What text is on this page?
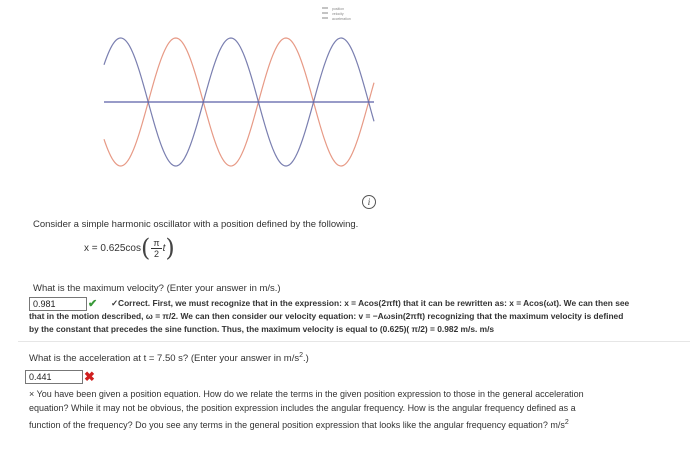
position
velocity
acceleration
i
Consider a simple harmonic oscillator with a position defined by the following.
x = 0.625cos ( $\frac{\pi}{2}$ t )
What is the maximum velocity? (Enter your answer in m/s.)
0.981	✔ ✓Correct. First, we must recognize that in the expression: x = Acos(2πft) that it can be rewritten as: x = Acos(ωt). We can then see
that in the motion described, ω = π/2. We can then consider our velocity equation: v = −Aωsin(2πft) recognizing that the maximum velocity is defined
by the constant that precedes the sine function. Thus, the maximum velocity is equal to (0.625)( π/2) = 0.982 m/s. m/s
What is the acceleration at t = 7.50 s? (Enter your answer in $m/s^2$.)
0.441	✖
× You have been given a position equation. How do we relate the terms in the given position expression to those in the general acceleration
equation? While it may not be obvious, the position expression includes the angular frequency. How is the angular frequency defined as a
function of the frequency? Do you see any terms in the general position expression that looks like the angular frequency equation? $m/s^2$
